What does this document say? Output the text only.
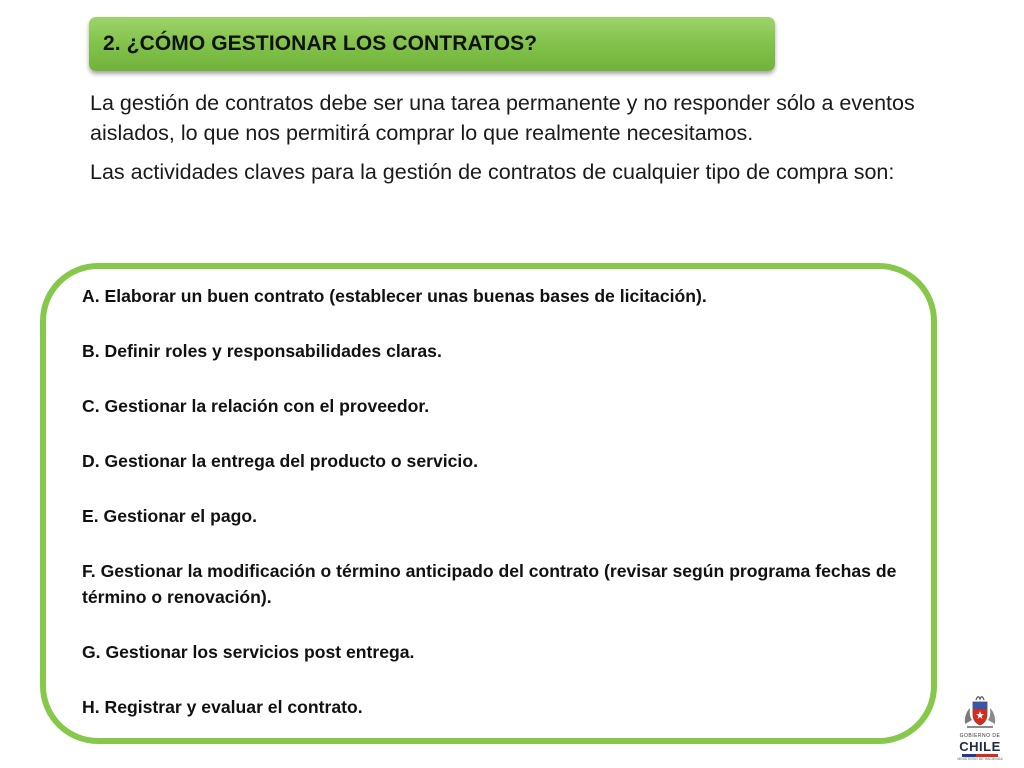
2. ¿CÓMO GESTIONAR LOS CONTRATOS?

La gestión de contratos debe ser una tarea permanente y no responder sólo a eventos aislados, lo que nos permitirá comprar lo que realmente necesitamos.

Las actividades claves para la gestión de contratos de cualquier tipo de compra son:

A. Elaborar un buen contrato (establecer unas buenas bases de licitación).
B. Definir roles y responsabilidades claras.
C. Gestionar la relación con el proveedor.
D. Gestionar la entrega del producto o servicio.
E. Gestionar el pago.
F. Gestionar la modificación o término anticipado del contrato (revisar según programa fechas de término o renovación).
G. Gestionar los servicios post entrega.
H. Registrar y evaluar el contrato.
GOBIERNO DE
CHILE
MINISTERIO DE HACIENDA
